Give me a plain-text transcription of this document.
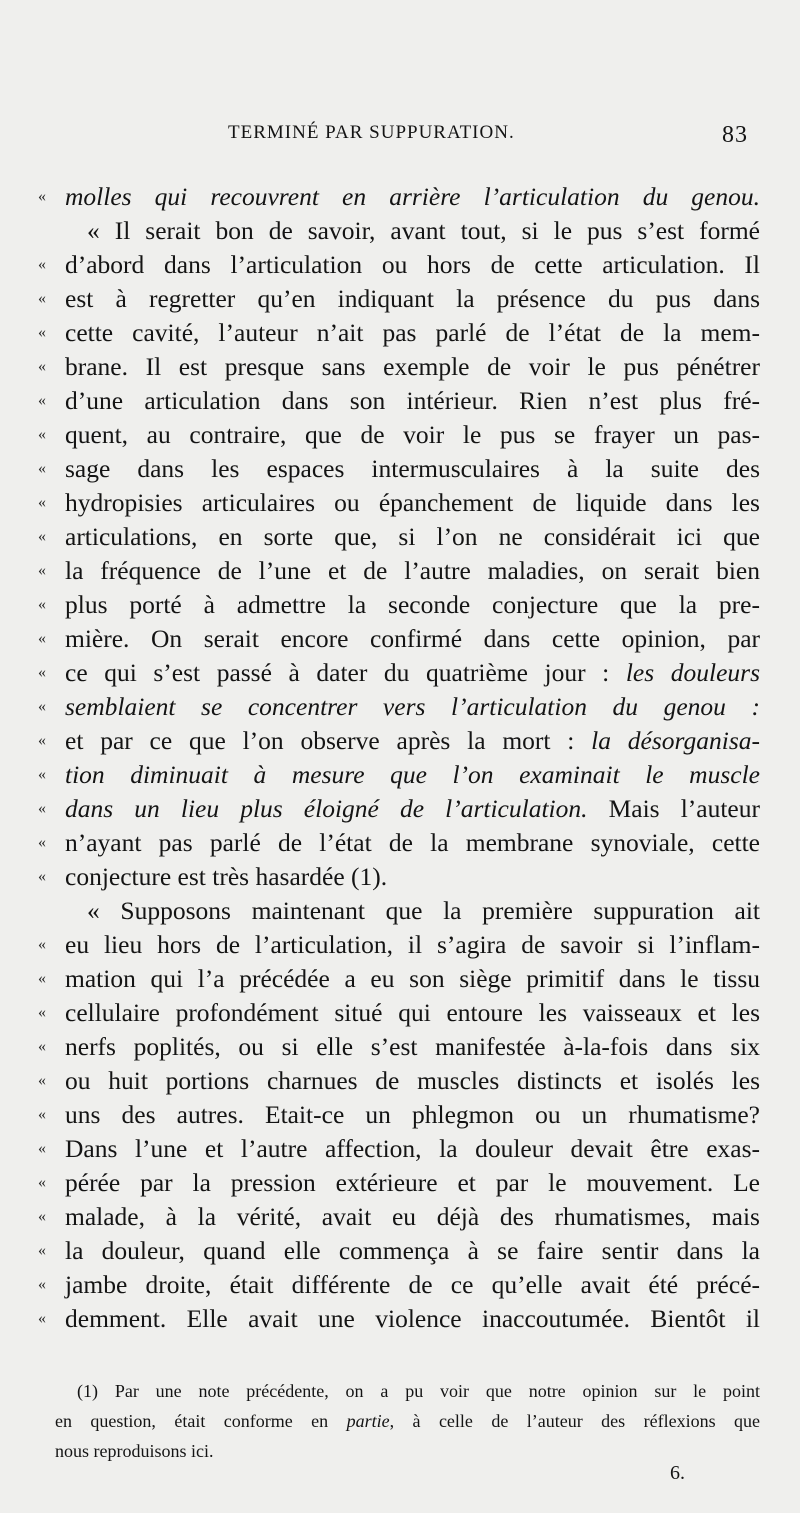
TERMINÉ PAR SUPPURATION.	83
« molles qui recouvrent en arrière l’articulation du genou.
« Il serait bon de savoir, avant tout, si le pus s’est formé
« d’abord dans l’articulation ou hors de cette articulation. Il
« est à regretter qu’en indiquant la présence du pus dans
« cette cavité, l’auteur n’ait pas parlé de l’état de la mem-
« brane. Il est presque sans exemple de voir le pus pénétrer
« d’une articulation dans son intérieur. Rien n’est plus fré-
« quent, au contraire, que de voir le pus se frayer un pas-
« sage dans les espaces intermusculaires à la suite des
« hydropisies articulaires ou épanchement de liquide dans les
« articulations, en sorte que, si l’on ne considérait ici que
« la fréquence de l’une et de l’autre maladies, on serait bien
« plus porté à admettre la seconde conjecture que la pre-
« mière. On serait encore confirmé dans cette opinion, par
« ce qui s’est passé à dater du quatrième jour : les douleurs
« semblaient se concentrer vers l’articulation du genou :
« et par ce que l’on observe après la mort : la désorganisa-
« tion diminuait à mesure que l’on examinait le muscle
« dans un lieu plus éloigné de l’articulation. Mais l’auteur
« n’ayant pas parlé de l’état de la membrane synoviale, cette
« conjecture est très hasardée (1).
« Supposons maintenant que la première suppuration ait
« eu lieu hors de l’articulation, il s’agira de savoir si l’inflam-
« mation qui l’a précédée a eu son siège primitif dans le tissu
« cellulaire profondément situé qui entoure les vaisseaux et les
« nerfs poplités, ou si elle s’est manifestée à-la-fois dans six
« ou huit portions charnues de muscles distincts et isolés les
« uns des autres. Etait-ce un phlegmon ou un rhumatisme?
« Dans l’une et l’autre affection, la douleur devait être exas-
« pérée par la pression extérieure et par le mouvement. Le
« malade, à la vérité, avait eu déjà des rhumatismes, mais
« la douleur, quand elle commença à se faire sentir dans la
« jambe droite, était différente de ce qu’elle avait été précé-
« demment. Elle avait une violence inaccoutumée. Bientôt il
(1) Par une note précédente, on a pu voir que notre opinion sur le point
en question, était conforme en partie, à celle de l’auteur des réflexions que
nous reproduisons ici.
6.
